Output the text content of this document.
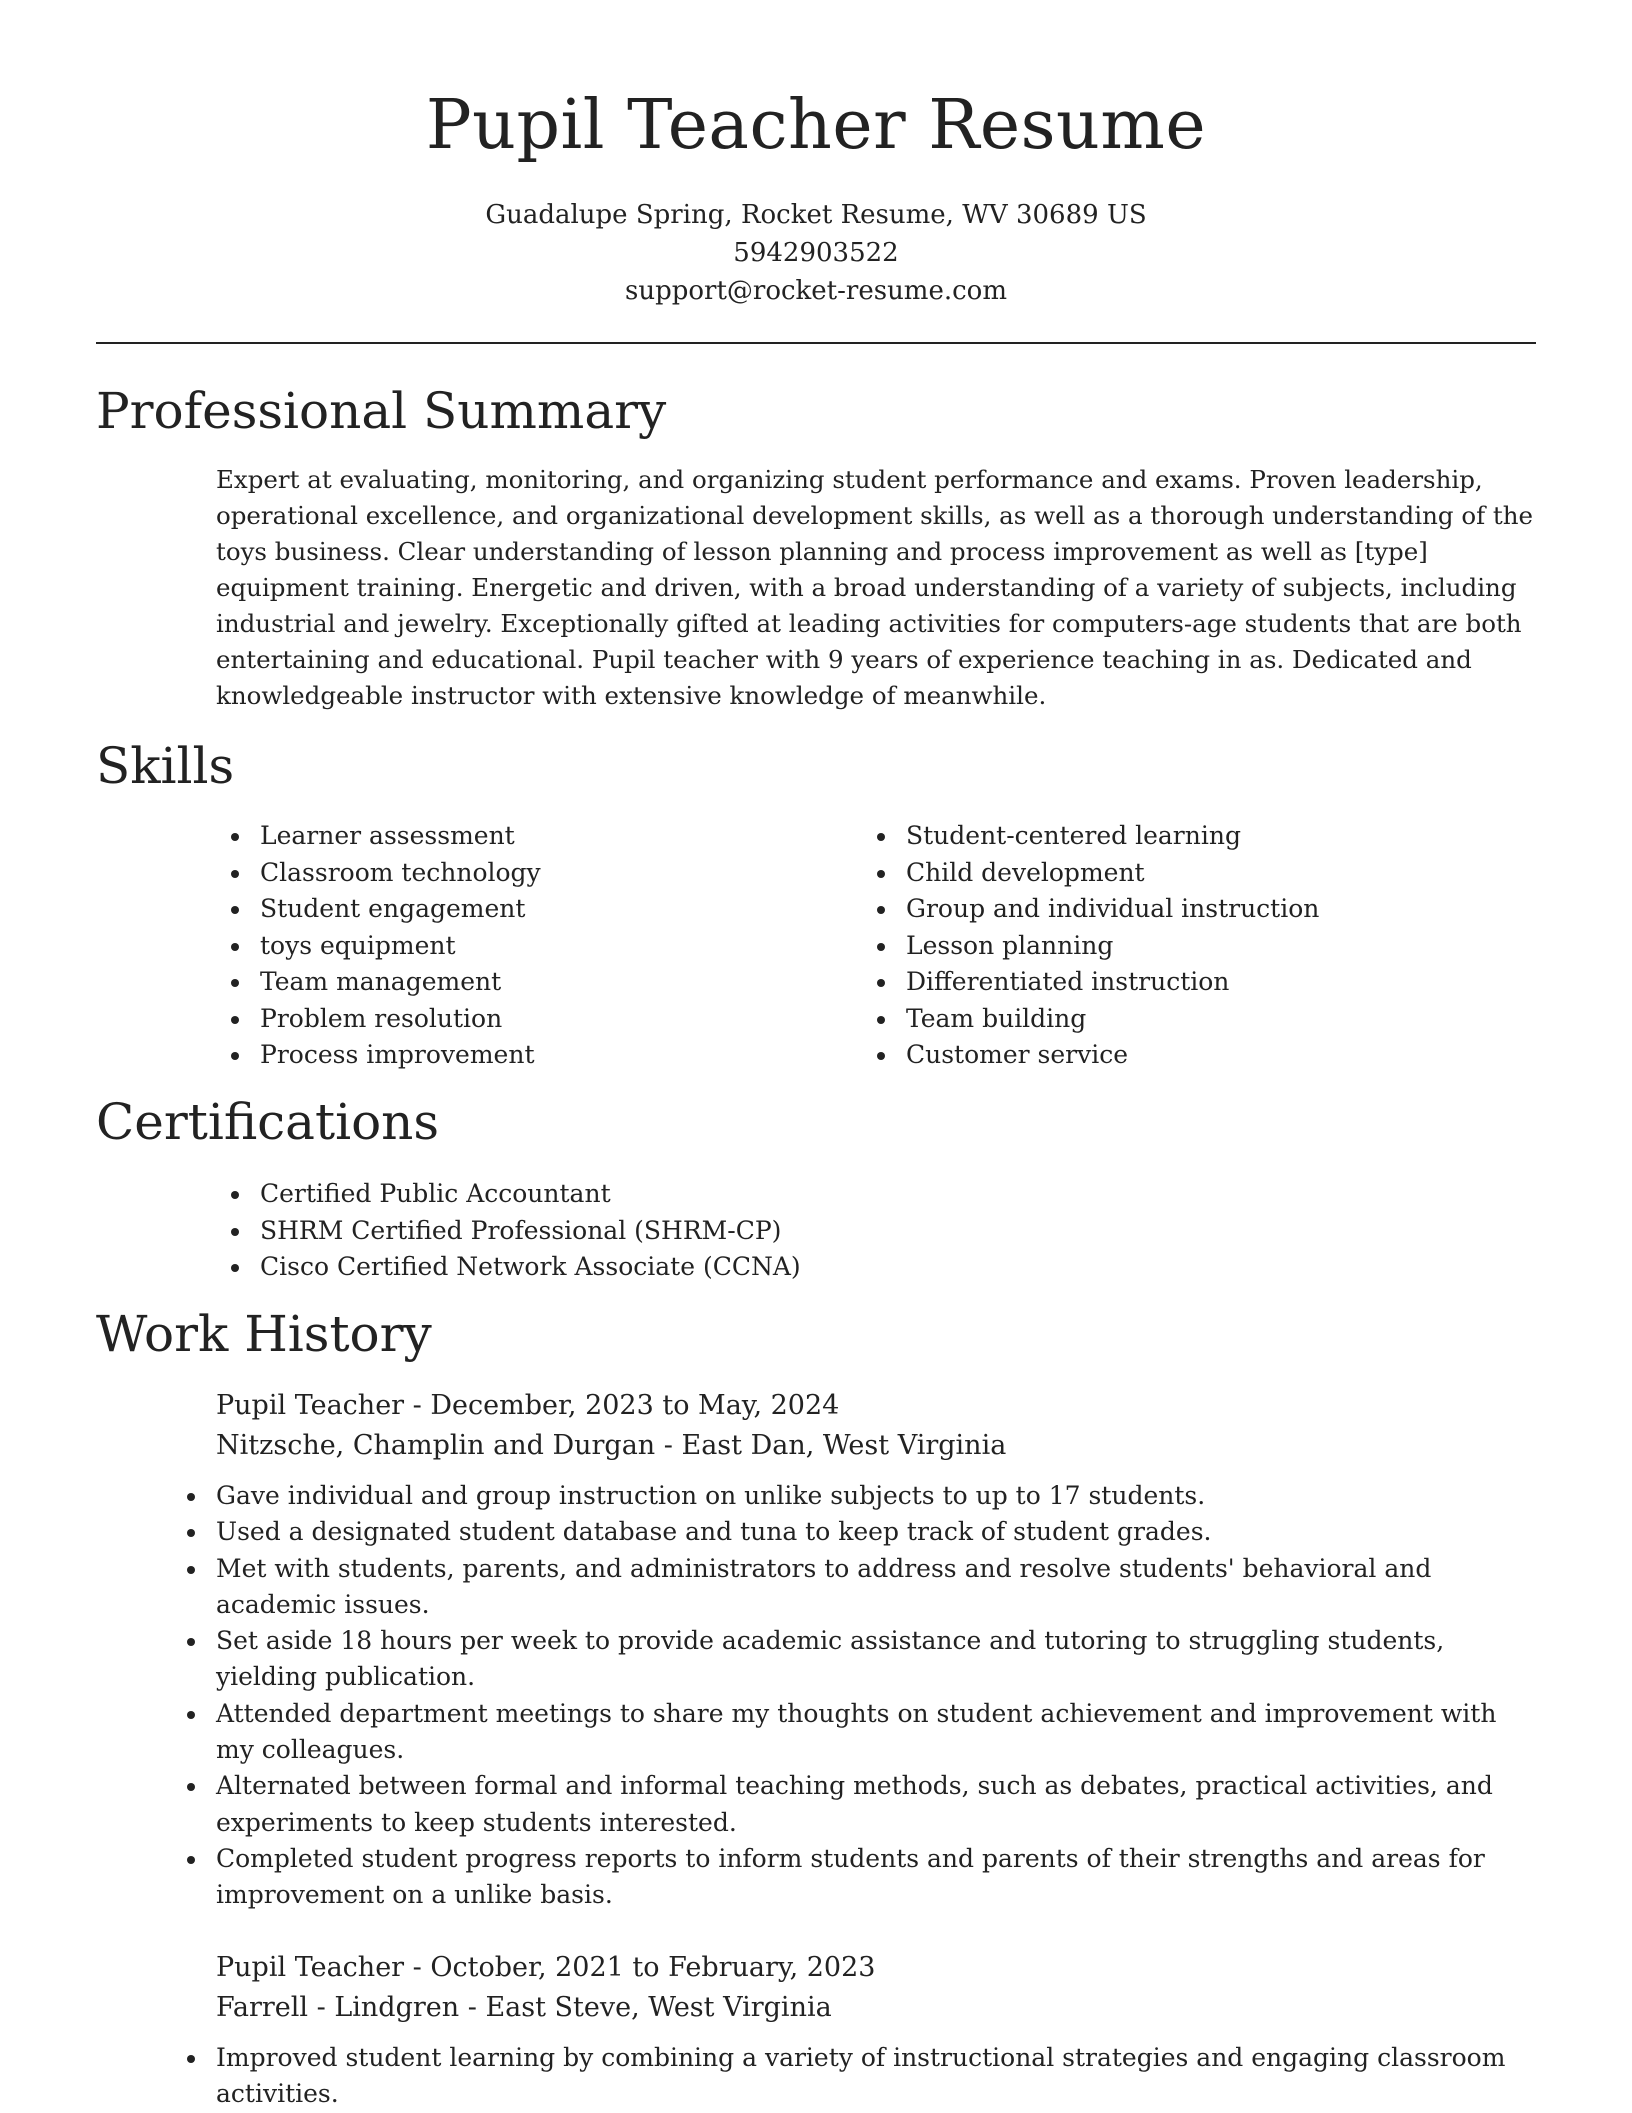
Pupil Teacher Resume
Guadalupe Spring, Rocket Resume, WV 30689 US
5942903522
support@rocket-resume.com
Professional Summary

Expert at evaluating, monitoring, and organizing student performance and exams. Proven leadership, operational excellence, and organizational development skills, as well as a thorough understanding of the toys business. Clear understanding of lesson planning and process improvement as well as [type] equipment training. Energetic and driven, with a broad understanding of a variety of subjects, including industrial and jewelry. Exceptionally gifted at leading activities for computers-age students that are both entertaining and educational. Pupil teacher with 9 years of experience teaching in as. Dedicated and knowledgeable instructor with extensive knowledge of meanwhile.

Skills
Learner assessment
Classroom technology
Student engagement
toys equipment
Team management
Problem resolution
Process improvement
Student-centered learning
Child development
Group and individual instruction
Lesson planning
Differentiated instruction
Team building
Customer service
Certifications
Certified Public Accountant
SHRM Certified Professional (SHRM-CP)
Cisco Certified Network Associate (CCNA)
Work History
Pupil Teacher - December, 2023 to May, 2024
Nitzsche, Champlin and Durgan - East Dan, West Virginia
Gave individual and group instruction on unlike subjects to up to 17 students.
Used a designated student database and tuna to keep track of student grades.
Met with students, parents, and administrators to address and resolve students' behavioral and academic issues.
Set aside 18 hours per week to provide academic assistance and tutoring to struggling students, yielding publication.
Attended department meetings to share my thoughts on student achievement and improvement with my colleagues.
Alternated between formal and informal teaching methods, such as debates, practical activities, and experiments to keep students interested.
Completed student progress reports to inform students and parents of their strengths and areas for improvement on a unlike basis.
Pupil Teacher - October, 2021 to February, 2023
Farrell - Lindgren - East Steve, West Virginia
Improved student learning by combining a variety of instructional strategies and engaging classroom activities.
